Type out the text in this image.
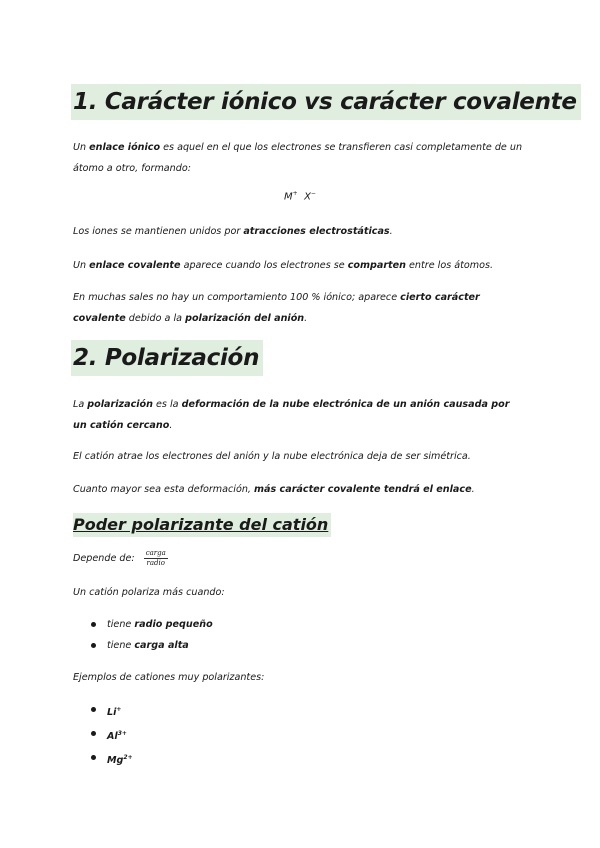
1. Carácter iónico vs carácter covalente

Un enlace iónico es aquel en el que los electrones se transfieren casi completamente de un átomo a otro, formando:

M+ X−

Los iones se mantienen unidos por atracciones electrostáticas.

Un enlace covalente aparece cuando los electrones se comparten entre los átomos.

En muchas sales no hay un comportamiento 100 % iónico; aparece cierto carácter covalente debido a la polarización del anión.

2. Polarización

La polarización es la deformación de la nube electrónica de un anión causada por un catión cercano.

El catión atrae los electrones del anión y la nube electrónica deja de ser simétrica.

Cuanto mayor sea esta deformación, más carácter covalente tendrá el enlace.

Poder polarizante del catión

Depende de: $\frac{\text{carga}}{\text{radio}}$

Un catión polariza más cuando:

tiene radio pequeño
tiene carga alta

Ejemplos de cationes muy polarizantes:

Li+
$Al^{3+}$
$Mg^{2+}$
